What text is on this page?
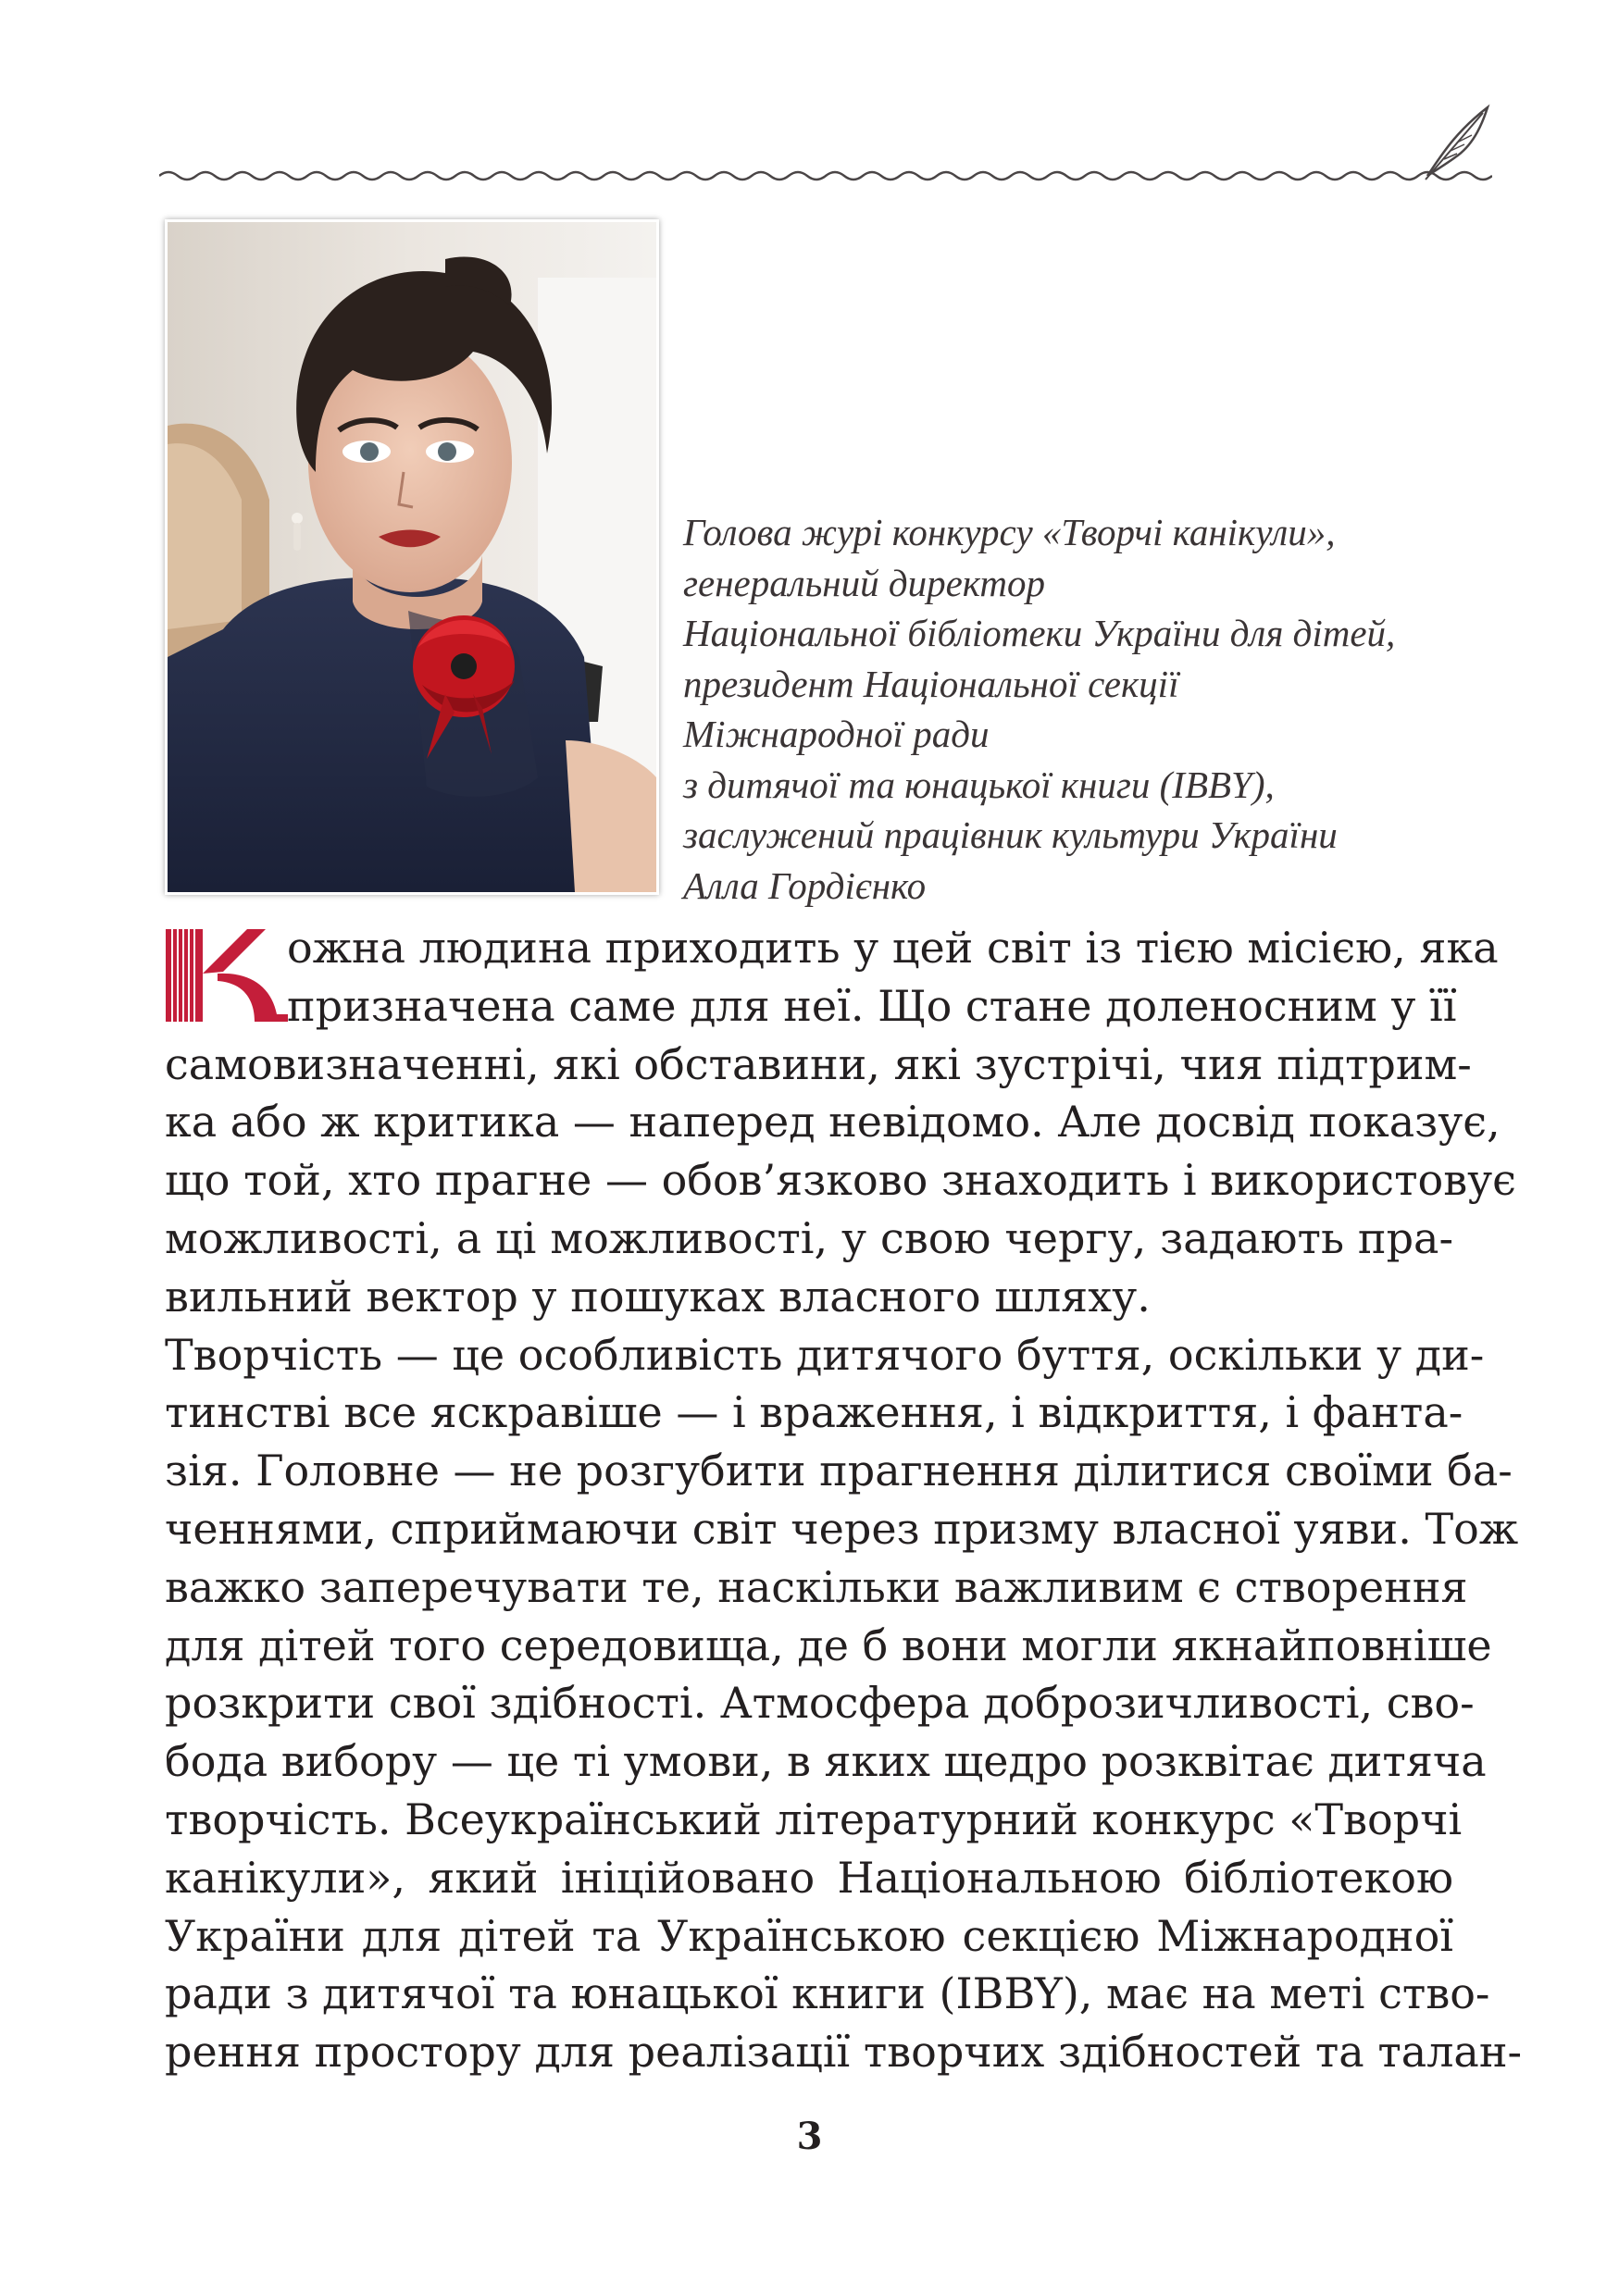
Голова журі конкурсу «Творчі канікули»,
генеральний директор
Національної бібліотеки України для дітей,
президент Національної секції
Міжнародної ради
з дитячої та юнацької книги (IBBY),
заслужений працівник культури України
Алла Гордієнко
К	ожна людина приходить у цей світ із тією місією, яка
призначена саме для неї. Що стане доленосним у її
самовизначенні, які обставини, які зустрічі, чия підтрим-
ка або ж критика — наперед невідомо. Але досвід показує,
що той, хто прагне — обов’язково знаходить і використовує
можливості, а ці можливості, у свою чергу, задають пра-
вильний вектор у пошуках власного шляху.
Творчість — це особливість дитячого буття, оскільки у ди-
тинстві все яскравіше — і враження, і відкриття, і фанта-
зія. Головне — не розгубити прагнення ділитися своїми ба-
ченнями, сприймаючи світ через призму власної уяви. Тож
важко заперечувати те, наскільки важливим є створення
для дітей того середовища, де б вони могли якнайповніше
розкрити свої здібності. Атмосфера доброзичливості, сво-
бода вибору — це ті умови, в яких щедро розквітає дитяча
творчість. Всеукраїнський літературний конкурс «Творчі
канікули», який ініційовано Національною бібліотекою
України для дітей та Українською секцією Міжнародної
ради з дитячої та юнацької книги (IBBY), має на меті ство-
рення простору для реалізації творчих здібностей та талан-
3
